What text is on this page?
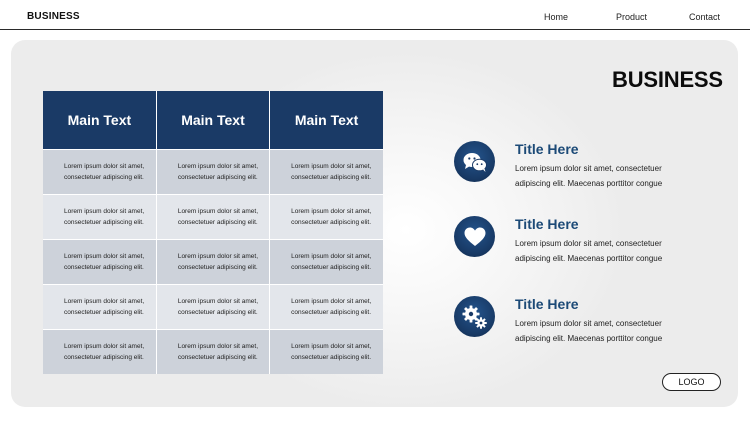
BUSINESS	Home	Product	Contact
BUSINESS
Main Text	Main Text	Main Text
Lorem ipsum dolor sit amet, consectetuer adipiscing elit.	Lorem ipsum dolor sit amet, consectetuer adipiscing elit.	Lorem ipsum dolor sit amet, consectetuer adipiscing elit.
Lorem ipsum dolor sit amet, consectetuer adipiscing elit.	Lorem ipsum dolor sit amet, consectetuer adipiscing elit.	Lorem ipsum dolor sit amet, consectetuer adipiscing elit.
Lorem ipsum dolor sit amet, consectetuer adipiscing elit.	Lorem ipsum dolor sit amet, consectetuer adipiscing elit.	Lorem ipsum dolor sit amet, consectetuer adipiscing elit.
Lorem ipsum dolor sit amet, consectetuer adipiscing elit.	Lorem ipsum dolor sit amet, consectetuer adipiscing elit.	Lorem ipsum dolor sit amet, consectetuer adipiscing elit.
Lorem ipsum dolor sit amet, consectetuer adipiscing elit.	Lorem ipsum dolor sit amet, consectetuer adipiscing elit.	Lorem ipsum dolor sit amet, consectetuer adipiscing elit.
Title Here
Lorem ipsum dolor sit amet, consectetuer adipiscing elit. Maecenas porttitor congue
Title Here
Lorem ipsum dolor sit amet, consectetuer adipiscing elit. Maecenas porttitor congue
Title Here
Lorem ipsum dolor sit amet, consectetuer adipiscing elit. Maecenas porttitor congue
LOGO
